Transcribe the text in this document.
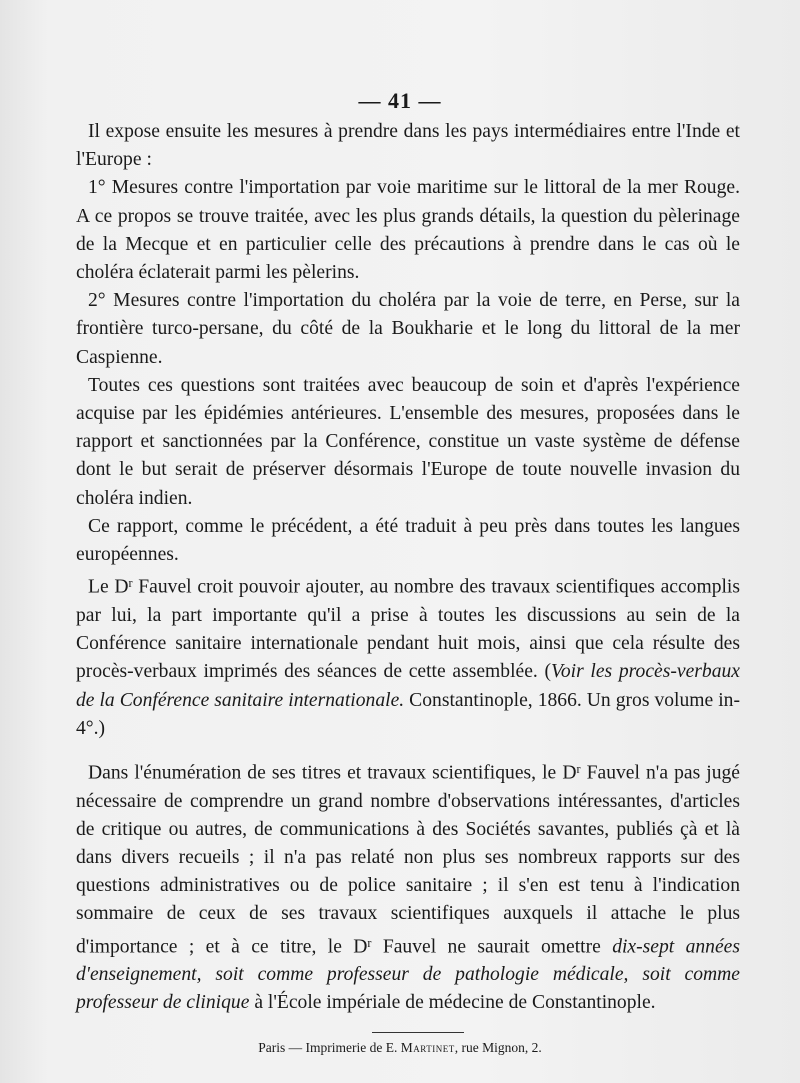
— 41 —

Il expose ensuite les mesures à prendre dans les pays intermédiaires entre l'Inde et l'Europe :

1° Mesures contre l'importation par voie maritime sur le littoral de la mer Rouge. A ce propos se trouve traitée, avec les plus grands détails, la question du pèlerinage de la Mecque et en particulier celle des précautions à prendre dans le cas où le choléra éclaterait parmi les pèlerins.

2° Mesures contre l'importation du choléra par la voie de terre, en Perse, sur la frontière turco-persane, du côté de la Boukharie et le long du littoral de la mer Caspienne.

Toutes ces questions sont traitées avec beaucoup de soin et d'après l'expérience acquise par les épidémies antérieures. L'ensemble des mesures, proposées dans le rapport et sanctionnées par la Conférence, constitue un vaste système de défense dont le but serait de préserver désormais l'Europe de toute nouvelle invasion du choléra indien.

Ce rapport, comme le précédent, a été traduit à peu près dans toutes les langues européennes.

Le $D^r$ Fauvel croit pouvoir ajouter, au nombre des travaux scientifiques accomplis par lui, la part importante qu'il a prise à toutes les discussions au sein de la Conférence sanitaire internationale pendant huit mois, ainsi que cela résulte des procès-verbaux imprimés des séances de cette assemblée. (Voir les procès-verbaux de la Conférence sanitaire internationale. Constantinople, 1866. Un gros volume in-4°.)

Dans l'énumération de ses titres et travaux scientifiques, le $D^r$ Fauvel n'a pas jugé nécessaire de comprendre un grand nombre d'observations intéressantes, d'articles de critique ou autres, de communications à des Sociétés savantes, publiés çà et là dans divers recueils ; il n'a pas relaté non plus ses nombreux rapports sur des questions administratives ou de police sanitaire ; il s'en est tenu à l'indication sommaire de ceux de ses travaux scientifiques auxquels il attache le plus d'importance ; et à ce titre, le $D^r$ Fauvel ne saurait omettre dix-sept années d'enseignement, soit comme professeur de pathologie médicale, soit comme professeur de clinique à l'École impériale de médecine de Constantinople.

Paris — Imprimerie de E. Martinet, rue Mignon, 2.
